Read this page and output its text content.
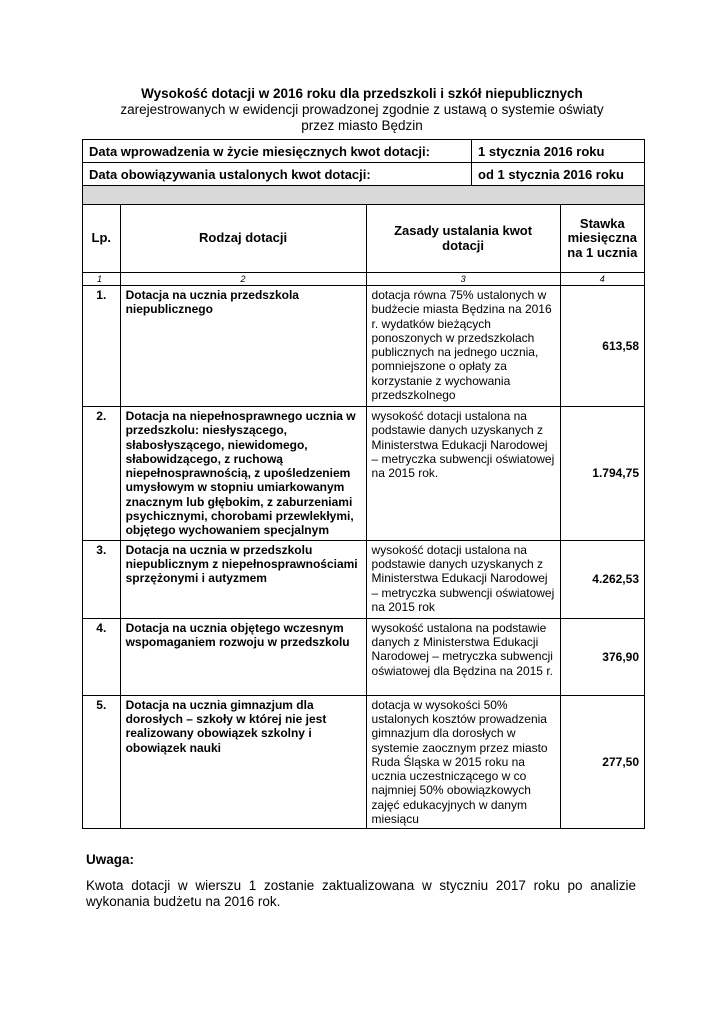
Wysokość dotacji w 2016 roku dla przedszkoli i szkół niepublicznych
zarejestrowanych w ewidencji prowadzonej zgodnie z ustawą o systemie oświaty
przez miasto Będzin
Data wprowadzenia w życie miesięcznych kwot dotacji:	1 stycznia 2016 roku
Data obowiązywania ustalonych kwot dotacji:	od 1 stycznia 2016 roku
Lp.	Rodzaj dotacji	Zasady ustalania kwot dotacji	Stawka miesięczna na 1 ucznia
1	2	3	4
1.	Dotacja na ucznia przedszkola niepublicznego	dotacja równa 75% ustalonych w budżecie miasta Będzina na 2016 r. wydatków bieżących ponoszonych w przedszkolach publicznych na jednego ucznia, pomniejszone o opłaty za korzystanie z wychowania przedszkolnego	613,58
2.	Dotacja na niepełnosprawnego ucznia w przedszkolu: niesłyszącego, słabosłyszącego, niewidomego, słabowidzącego, z ruchową niepełnosprawnością, z upośledzeniem umysłowym w stopniu umiarkowanym znacznym lub głębokim, z zaburzeniami psychicznymi, chorobami przewlekłymi, objętego wychowaniem specjalnym	wysokość dotacji ustalona na podstawie danych uzyskanych z Ministerstwa Edukacji Narodowej – metryczka subwencji oświatowej na 2015 rok.	1.794,75
3.	Dotacja na ucznia w przedszkolu niepublicznym z niepełnosprawnościami sprzężonymi i autyzmem	wysokość dotacji ustalona na podstawie danych uzyskanych z Ministerstwa Edukacji Narodowej – metryczka subwencji oświatowej na 2015 rok	4.262,53
4.	Dotacja na ucznia objętego wczesnym wspomaganiem rozwoju w przedszkolu	wysokość ustalona na podstawie danych z Ministerstwa Edukacji Narodowej – metryczka subwencji oświatowej dla Będzina na 2015 r.	376,90
5.	Dotacja na ucznia gimnazjum dla dorosłych – szkoły w której nie jest realizowany obowiązek szkolny i obowiązek nauki	dotacja w wysokości 50% ustalonych kosztów prowadzenia gimnazjum dla dorosłych w systemie zaocznym przez miasto Ruda Śląska w 2015 roku na ucznia uczestniczącego w co najmniej 50% obowiązkowych zajęć edukacyjnych w danym miesiącu	277,50
Uwaga:
Kwota dotacji w wierszu 1 zostanie zaktualizowana w styczniu 2017 roku po analizie wykonania budżetu na 2016 rok.
